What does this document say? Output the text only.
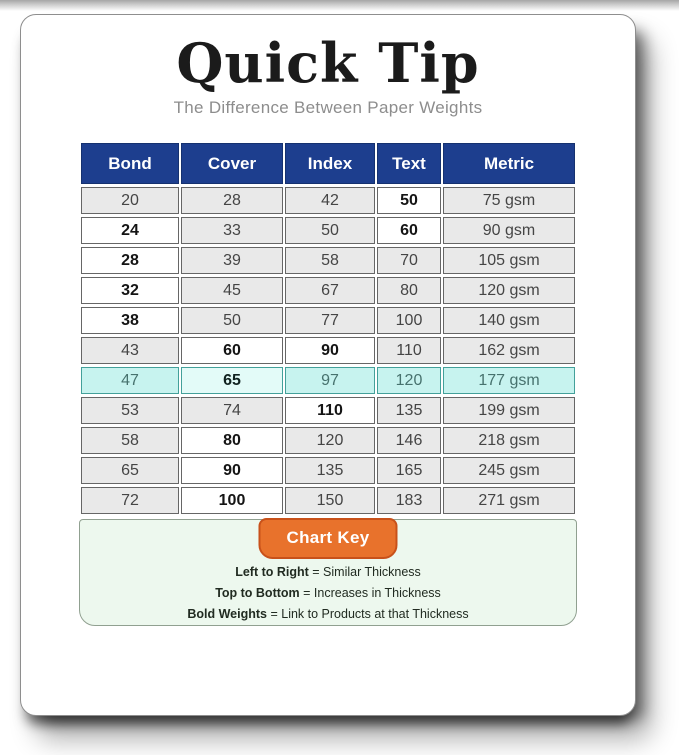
Quick Tip
The Difference Between Paper Weights
Bond	Cover	Index	Text	Metric
20	28	42	50	75 gsm
24	33	50	60	90 gsm
28	39	58	70	105 gsm
32	45	67	80	120 gsm
38	50	77	100	140 gsm
43	60	90	110	162 gsm
47	65	97	120	177 gsm
53	74	110	135	199 gsm
58	80	120	146	218 gsm
65	90	135	165	245 gsm
72	100	150	183	271 gsm
Chart Key
Left to Right = Similar Thickness
Top to Bottom = Increases in Thickness
Bold Weights = Link to Products at that Thickness
